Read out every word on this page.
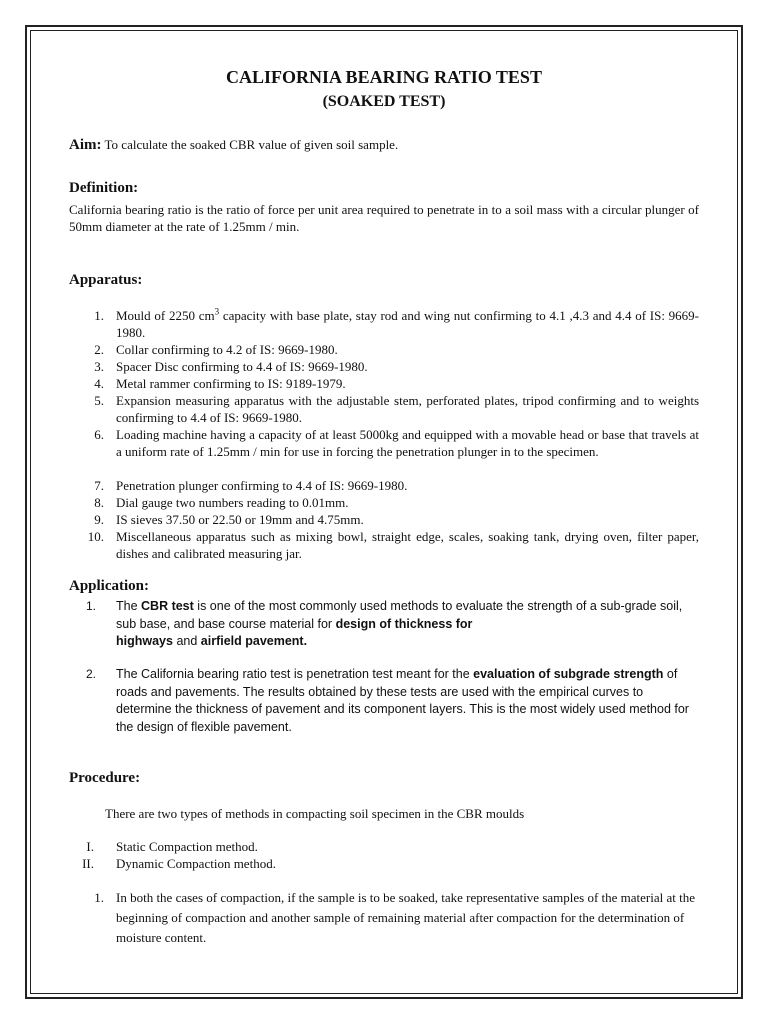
CALIFORNIA BEARING RATIO TEST
(SOAKED TEST)
Aim: To calculate the soaked CBR value of given soil sample.
Definition:
California bearing ratio is the ratio of force per unit area required to penetrate in to a soil mass with a circular plunger of 50mm diameter at the rate of 1.25mm / min.
Apparatus:
1. Mould of 2250 $cm^3$ capacity with base plate, stay rod and wing nut confirming to 4.1 ,4.3 and 4.4 of IS: 9669-1980.
2. Collar confirming to 4.2 of IS: 9669-1980.
3. Spacer Disc confirming to 4.4 of IS: 9669-1980.
4. Metal rammer confirming to IS: 9189-1979.
5. Expansion measuring apparatus with the adjustable stem, perforated plates, tripod confirming and to weights confirming to 4.4 of IS: 9669-1980.
6. Loading machine having a capacity of at least 5000kg and equipped with a movable head or base that travels at a uniform rate of 1.25mm / min for use in forcing the penetration plunger in to the specimen.
7. Penetration plunger confirming to 4.4 of IS: 9669-1980.
8. Dial gauge two numbers reading to 0.01mm.
9. IS sieves 37.50 or 22.50 or 19mm and 4.75mm.
10. Miscellaneous apparatus such as mixing bowl, straight edge, scales, soaking tank, drying oven, filter paper, dishes and calibrated measuring jar.
Application:
1. The CBR test is one of the most commonly used methods to evaluate the strength of a sub-grade soil, sub base, and base course material for design of thickness for
highways and airfield pavement.
2. The California bearing ratio test is penetration test meant for the evaluation of subgrade strength of roads and pavements. The results obtained by these tests are used with the empirical curves to determine the thickness of pavement and its component layers. This is the most widely used method for the design of flexible pavement.
Procedure:
There are two types of methods in compacting soil specimen in the CBR moulds
I. Static Compaction method.
II. Dynamic Compaction method.
1. In both the cases of compaction, if the sample is to be soaked, take representative samples of the material at the beginning of compaction and another sample of remaining material after compaction for the determination of moisture content.
